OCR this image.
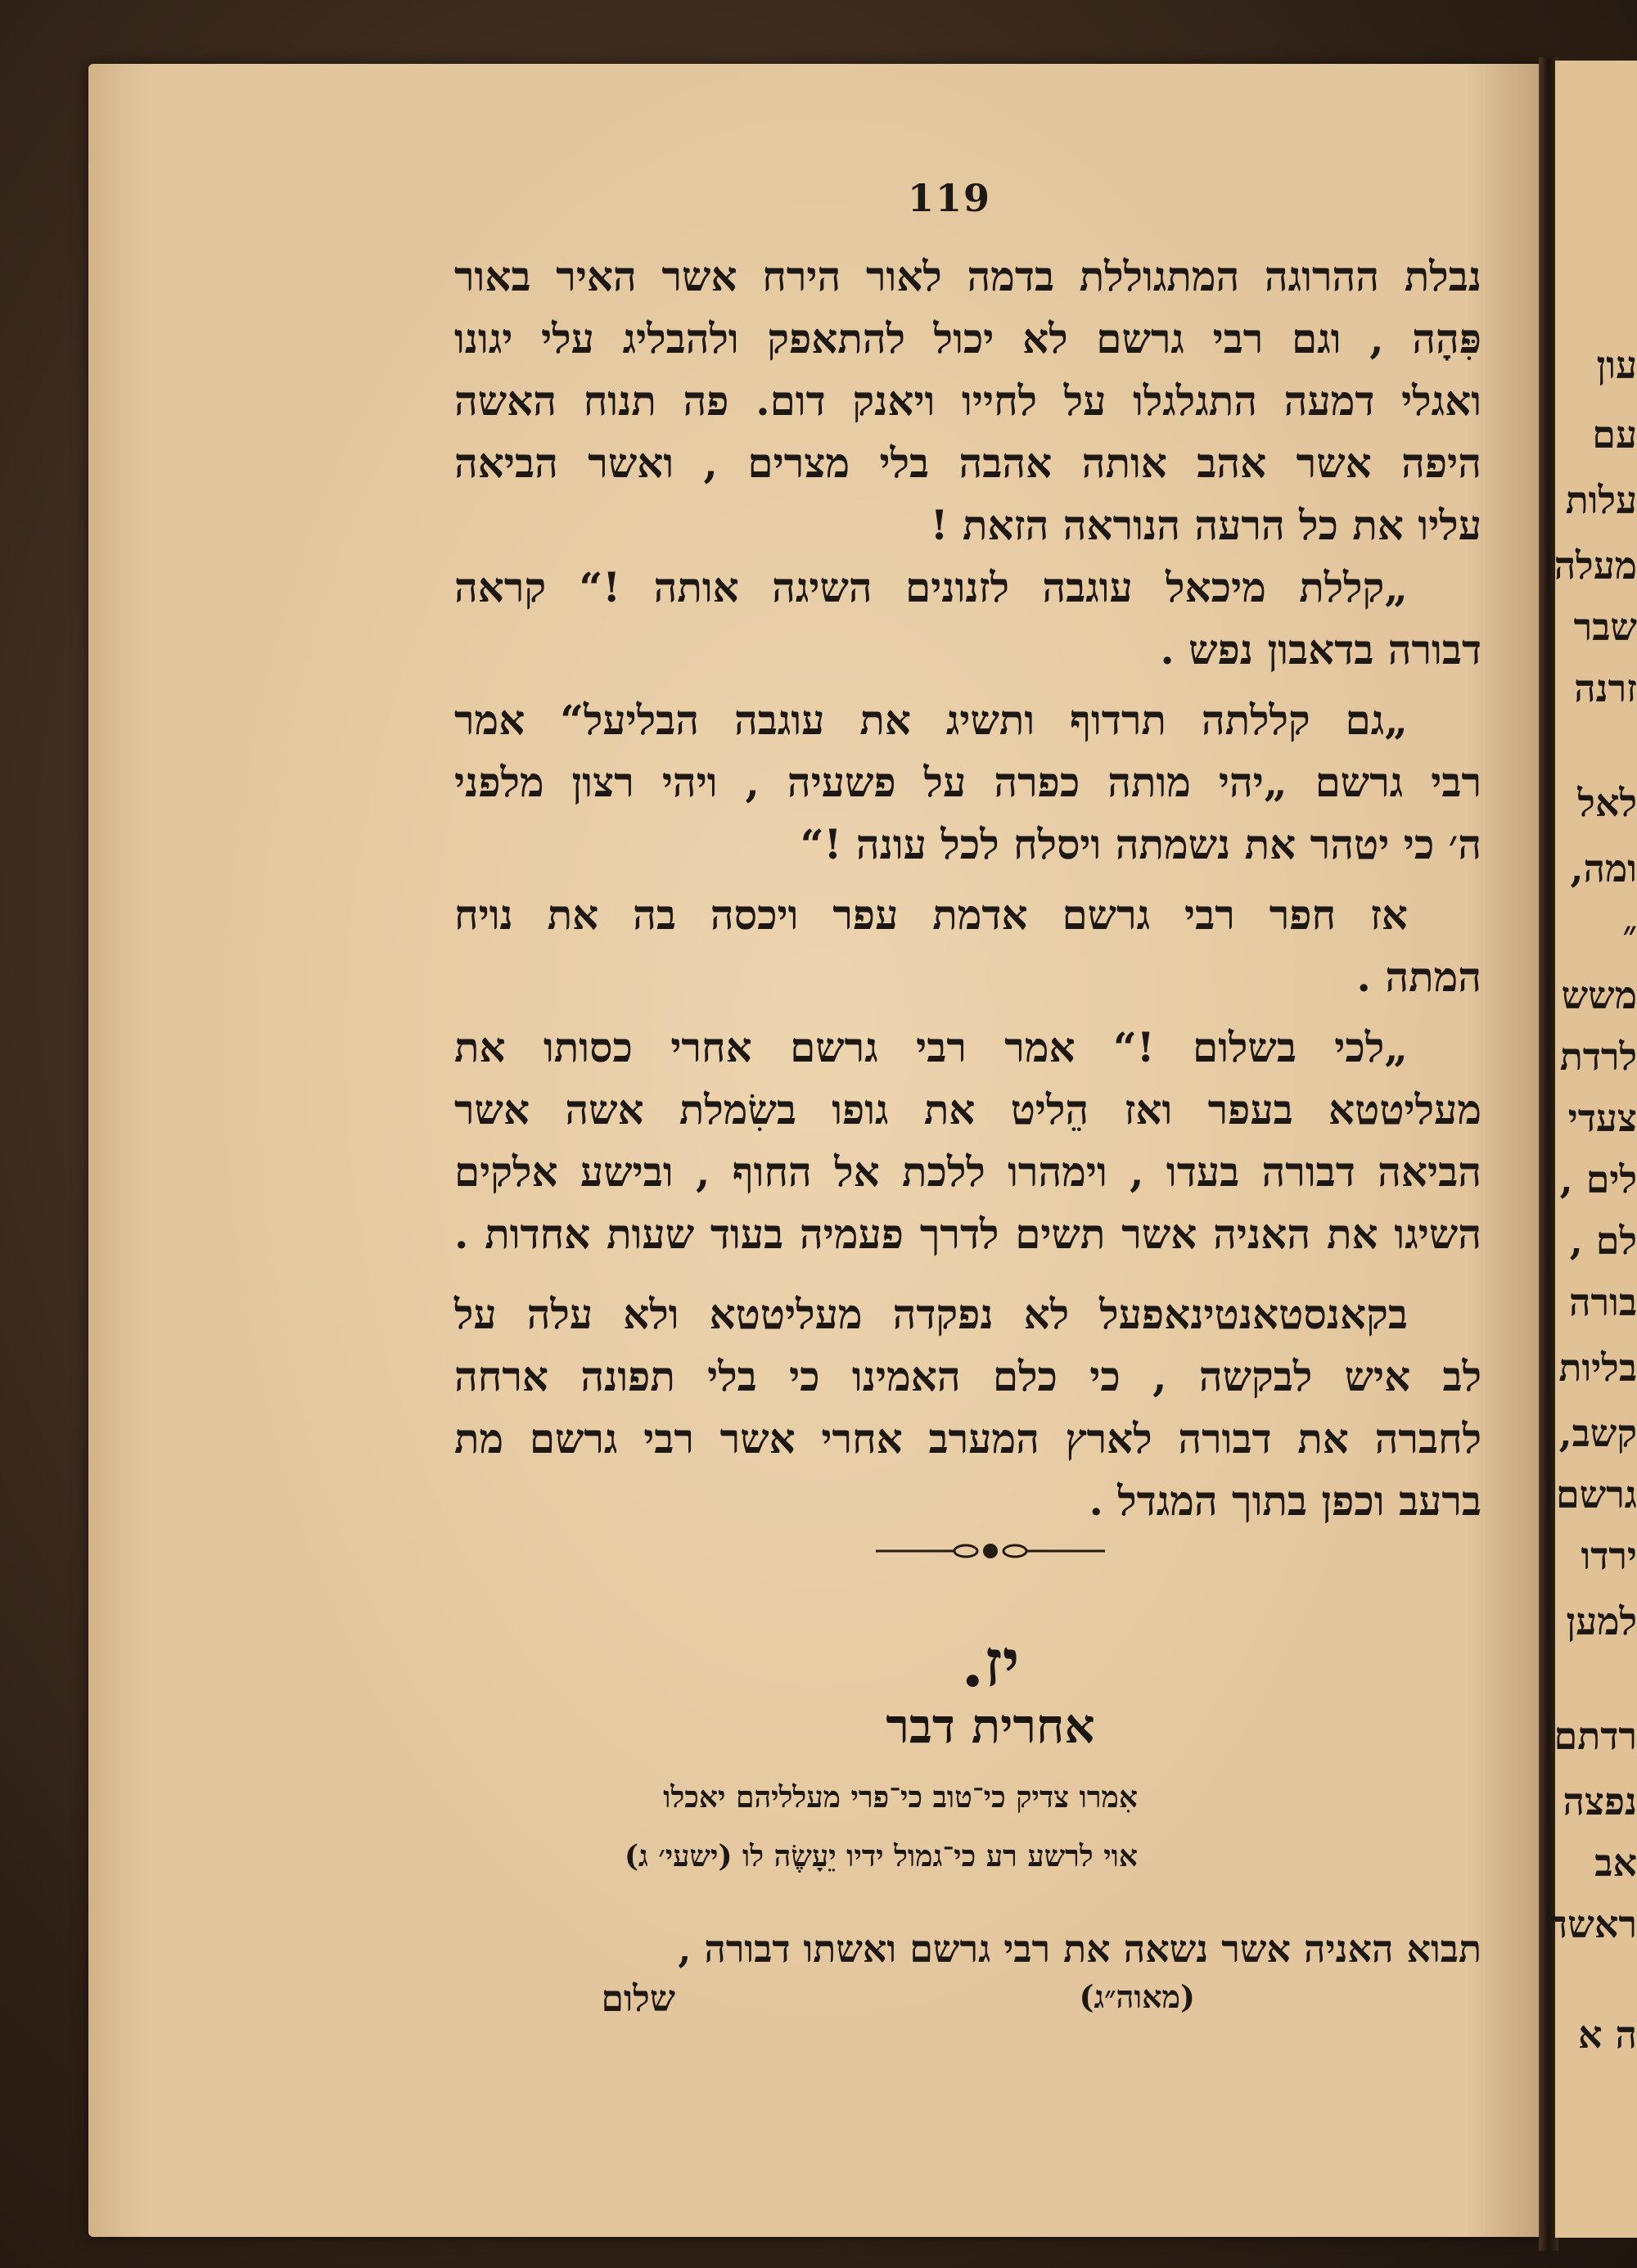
עון
עם
עלות
מעלה
שבר
זרנה
לאל
ומה,
״
משש
לרדת
צעדי
לים ,
לם ,
בורה
בליות
קשב,
גרשם
ירדו
למען
רדתם
נפצה
אב
ראשה
ה א
119
נבלת ההרוגה המתגוללת בדמה לאור הירח אשר האיר באור
פִּהָה , וגם רבי גרשם לא יכול להתאפק ולהבליג עלי יגונו
ואגלי דמעה התגלגלו על לחייו ויאנק דום. פה תנוח האשה
היפה אשר אהב אותה אהבה בלי מצרים , ואשר הביאה
עליו את כל הרעה הנוראה הזאת !
„קללת מיכאל עוגבה לזנונים השיגה אותה !“ קראה
דבורה בדאבון נפש .
„גם קללתה תרדוף ותשיג את עוגבה הבליעל“ אמר
רבי גרשם „יהי מותה כפרה על פשעיה , ויהי רצון מלפני
ה׳ כי יטהר את נשמתה ויסלח לכל עונה !“
אז חפר רבי גרשם אדמת עפר ויכסה בה את נויח
המתה .
„לכי בשלום !“ אמר רבי גרשם אחרי כסותו את
מעליטטא בעפר ואז הֵליט את גופו בשִׂמלת אשה אשר
הביאה דבורה בעדו , וימהרו ללכת אל החוף , ובישע אלקים
השיגו את האניה אשר תשים לדרך פעמיה בעוד שעות אחדות .
בקאנסטאנטינאפעל לא נפקדה מעליטטא ולא עלה על
לב איש לבקשה , כי כלם האמינו כי בלי תפונה ארחה
לחברה את דבורה לארץ המערב אחרי אשר רבי גרשם מת
ברעב וכפן בתוך המגדל .
יז.
אחרית דבר
אִמרו צדיק כי־טוב כי־פרי מעלליהם יאכלו
אוי לרשע רע כי־גמול ידיו יֵעָשֶׂה לו (ישעי׳ ג)
תבוא האניה אשר נשאה את רבי גרשם ואשתו דבורה ,
(מאוה״ג)
שלום
